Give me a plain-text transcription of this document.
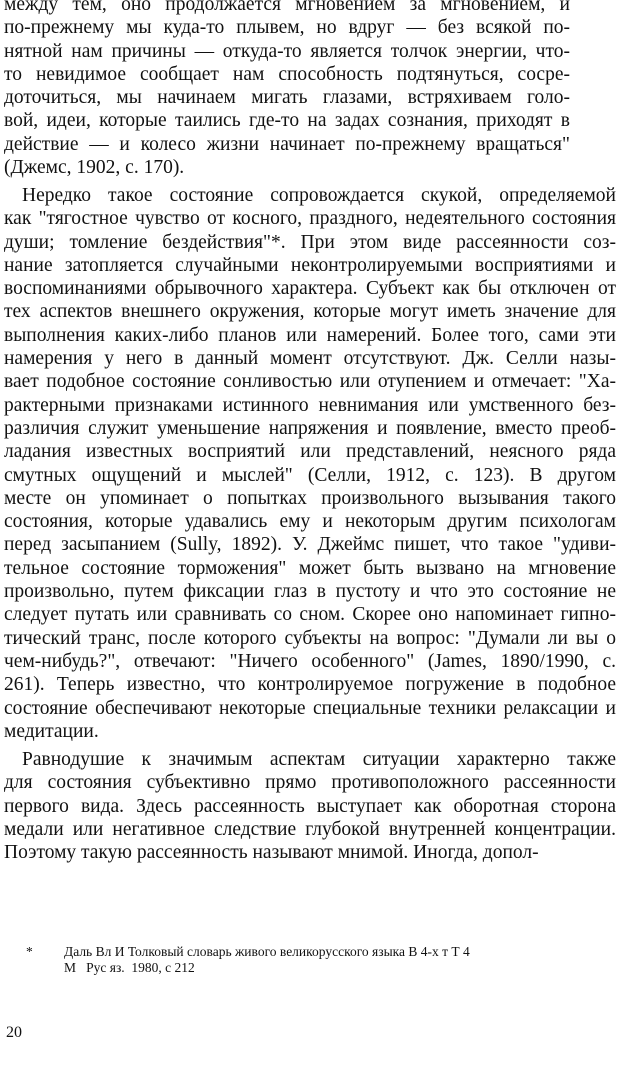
между тем, оно продолжается мгновением за мгновением, и
по-прежнему мы куда-то плывем, но вдруг — без всякой по-
нятной нам причины — откуда-то является толчок энергии, что-
то невидимое сообщает нам способность подтянуться, сосре-
доточиться, мы начинаем мигать глазами, встряхиваем голо-
вой, идеи, которые таились где-то на задах сознания, приходят в
действие — и колесо жизни начинает по-прежнему вращаться"
(Джемс, 1902, с. 170).
Нередко такое состояние сопровождается скукой, определяемой
как "тягостное чувство от косного, праздного, недеятельного состояния
души; томление бездействия"*. При этом виде рассеянности соз-
нание затопляется случайными неконтролируемыми восприятиями и
воспоминаниями обрывочного характера. Субъект как бы отключен от
тех аспектов внешнего окружения, которые могут иметь значение для
выполнения каких-либо планов или намерений. Более того, сами эти
намерения у него в данный момент отсутствуют. Дж. Селли назы-
вает подобное состояние сонливостью или отупением и отмечает: "Ха-
рактерными признаками истинного невнимания или умственного без-
различия служит уменьшение напряжения и появление, вместо преоб-
ладания известных восприятий или представлений, неясного ряда
смутных ощущений и мыслей" (Селли, 1912, с. 123). В другом
месте он упоминает о попытках произвольного вызывания такого
состояния, которые удавались ему и некоторым другим психологам
перед засыпанием (Sully, 1892). У. Джеймс пишет, что такое "удиви-
тельное состояние торможения" может быть вызвано на мгновение
произвольно, путем фиксации глаз в пустоту и что это состояние не
следует путать или сравнивать со сном. Скорее оно напоминает гипно-
тический транс, после которого субъекты на вопрос: "Думали ли вы о
чем-нибудь?", отвечают: "Ничего особенного" (James, 1890/1990, с.
261). Теперь известно, что контролируемое погружение в подобное
состояние обеспечивают некоторые специальные техники релаксации и
медитации.
Равнодушие к значимым аспектам ситуации характерно также
для состояния субъективно прямо противоположного рассеянности
первого вида. Здесь рассеянность выступает как оборотная сторона
медали или негативное следствие глубокой внутренней концентрации.
Поэтому такую рассеянность называют мнимой. Иногда, допол-
* Даль Вл И Толковый словарь живого великорусского языка В 4-х т Т 4
М   Рус яз.  1980, с 212
20
